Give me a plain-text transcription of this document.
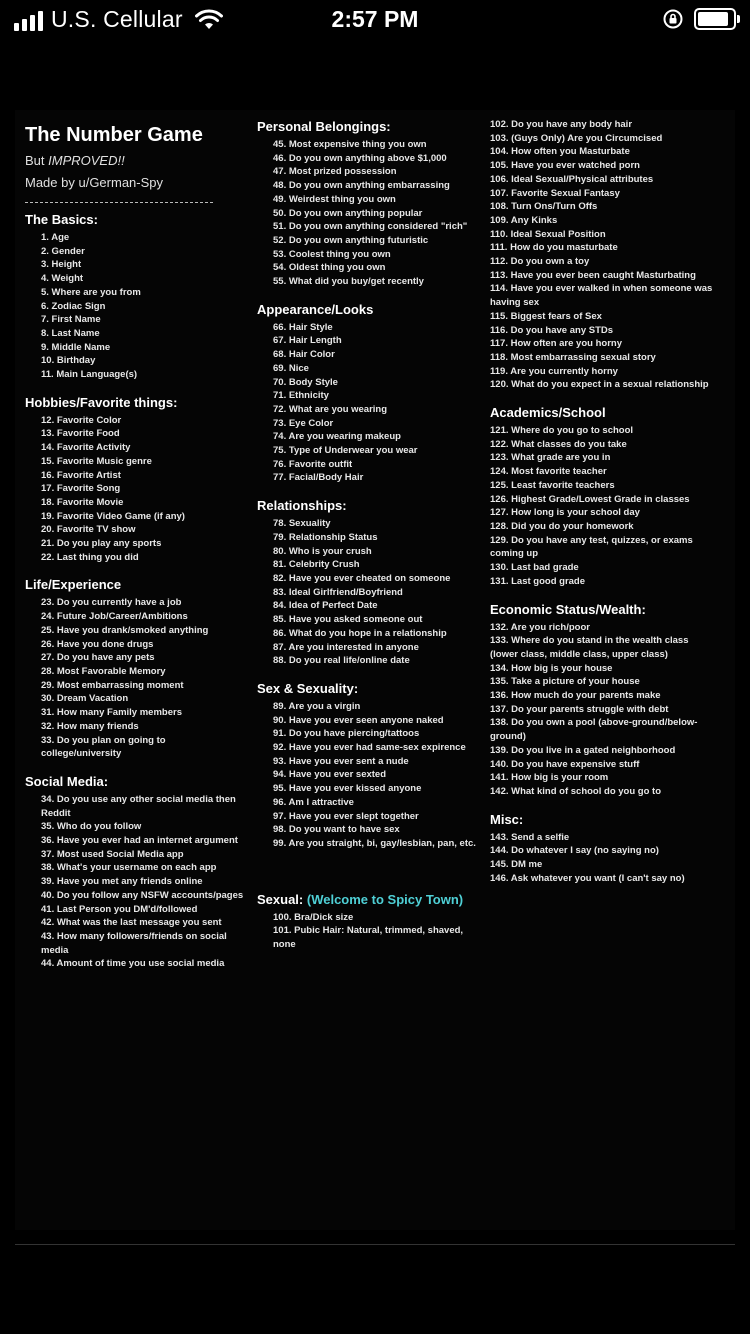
U.S. Cellular	2:57 PM
The Number Game
But IMPROVED!!
Made by u/German-Spy
The Basics:
1. Age
2. Gender
3. Height
4. Weight
5. Where are you from
6. Zodiac Sign
7. First Name
8. Last Name
9. Middle Name
10. Birthday
11. Main Language(s)
Hobbies/Favorite things:
12. Favorite Color
13. Favorite Food
14. Favorite Activity
15. Favorite Music genre
16. Favorite Artist
17. Favorite Song
18. Favorite Movie
19. Favorite Video Game (if any)
20. Favorite TV show
21. Do you play any sports
22. Last thing you did
Life/Experience
23. Do you currently have a job
24. Future Job/Career/Ambitions
25. Have you drank/smoked anything
26. Have you done drugs
27. Do you have any pets
28. Most Favorable Memory
29. Most embarrassing moment
30. Dream Vacation
31. How many Family members
32. How many friends
33. Do you plan on going to college/university
Social Media:
34. Do you use any other social media then Reddit
35. Who do you follow
36. Have you ever had an internet argument
37. Most used Social Media app
38. What's your username on each app
39. Have you met any friends online
40. Do you follow any NSFW accounts/pages
41. Last Person you DM'd/followed
42. What was the last message you sent
43. How many followers/friends on social media
44. Amount of time you use social media
Personal Belongings:
45. Most expensive thing you own
46. Do you own anything above $1,000
47. Most prized possession
48. Do you own anything embarrassing
49. Weirdest thing you own
50. Do you own anything popular
51. Do you own anything considered "rich"
52. Do you own anything futuristic
53. Coolest thing you own
54. Oldest thing you own
55. What did you buy/get recently
Appearance/Looks
66. Hair Style
67. Hair Length
68. Hair Color
69. Nice
70. Body Style
71. Ethnicity
72. What are you wearing
73. Eye Color
74. Are you wearing makeup
75. Type of Underwear you wear
76. Favorite outfit
77. Facial/Body Hair
Relationships:
78. Sexuality
79. Relationship Status
80. Who is your crush
81. Celebrity Crush
82. Have you ever cheated on someone
83. Ideal Girlfriend/Boyfriend
84. Idea of Perfect Date
85. Have you asked someone out
86. What do you hope in a relationship
87. Are you interested in anyone
88. Do you real life/online date
Sex & Sexuality:
89. Are you a virgin
90. Have you ever seen anyone naked
91. Do you have piercing/tattoos
92. Have you ever had same-sex expirence
93. Have you ever sent a nude
94. Have you ever sexted
95. Have you ever kissed anyone
96. Am I attractive
97. Have you ever slept together
98. Do you want to have sex
99. Are you straight, bi, gay/lesbian, pan, etc.
Sexual: (Welcome to Spicy Town)
100. Bra/Dick size
101. Pubic Hair: Natural, trimmed, shaved, none
102. Do you have any body hair
103. (Guys Only) Are you Circumcised
104. How often you Masturbate
105. Have you ever watched porn
106. Ideal Sexual/Physical attributes
107. Favorite Sexual Fantasy
108. Turn Ons/Turn Offs
109. Any Kinks
110. Ideal Sexual Position
111. How do you masturbate
112. Do you own a toy
113. Have you ever been caught Masturbating
114. Have you ever walked in when someone was having sex
115. Biggest fears of Sex
116. Do you have any STDs
117. How often are you horny
118. Most embarrassing sexual story
119. Are you currently horny
120. What do you expect in a sexual relationship
Academics/School
121. Where do you go to school
122. What classes do you take
123. What grade are you in
124. Most favorite teacher
125. Least favorite teachers
126. Highest Grade/Lowest Grade in classes
127. How long is your school day
128. Did you do your homework
129. Do you have any test, quizzes, or exams coming up
130. Last bad grade
131. Last good grade
Economic Status/Wealth:
132. Are you rich/poor
133. Where do you stand in the wealth class (lower class, middle class, upper class)
134. How big is your house
135. Take a picture of your house
136. How much do your parents make
137. Do your parents struggle with debt
138. Do you own a pool (above-ground/below-ground)
139. Do you live in a gated neighborhood
140. Do you have expensive stuff
141. How big is your room
142. What kind of school do you go to
Misc:
143. Send a selfie
144. Do whatever I say (no saying no)
145. DM me
146. Ask whatever you want (I can't say no)
